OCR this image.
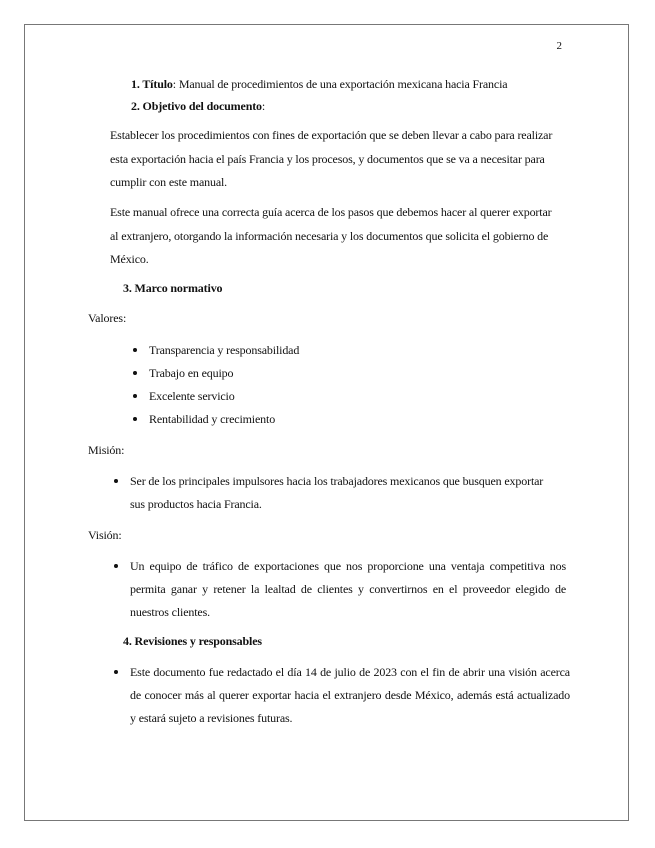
2
1. Título: Manual de procedimientos de una exportación mexicana hacia Francia
2. Objetivo del documento:
Establecer los procedimientos con fines de exportación que se deben llevar a cabo para realizar esta exportación hacia el país Francia y los procesos, y documentos que se va a necesitar para cumplir con este manual.
Este manual ofrece una correcta guía acerca de los pasos que debemos hacer al querer exportar al extranjero, otorgando la información necesaria y los documentos que solicita el gobierno de México.
3. Marco normativo
Valores:
Transparencia y responsabilidad
Trabajo en equipo
Excelente servicio
Rentabilidad y crecimiento
Misión:
Ser de los principales impulsores hacia los trabajadores mexicanos que busquen exportar sus productos hacia Francia.
Visión:
Un equipo de tráfico de exportaciones que nos proporcione una ventaja competitiva nos permita ganar y retener la lealtad de clientes y convertirnos en el proveedor elegido de nuestros clientes.
4. Revisiones y responsables
Este documento fue redactado el día 14 de julio de 2023 con el fin de abrir una visión acerca de conocer más al querer exportar hacia el extranjero desde México, además está actualizado y estará sujeto a revisiones futuras.
